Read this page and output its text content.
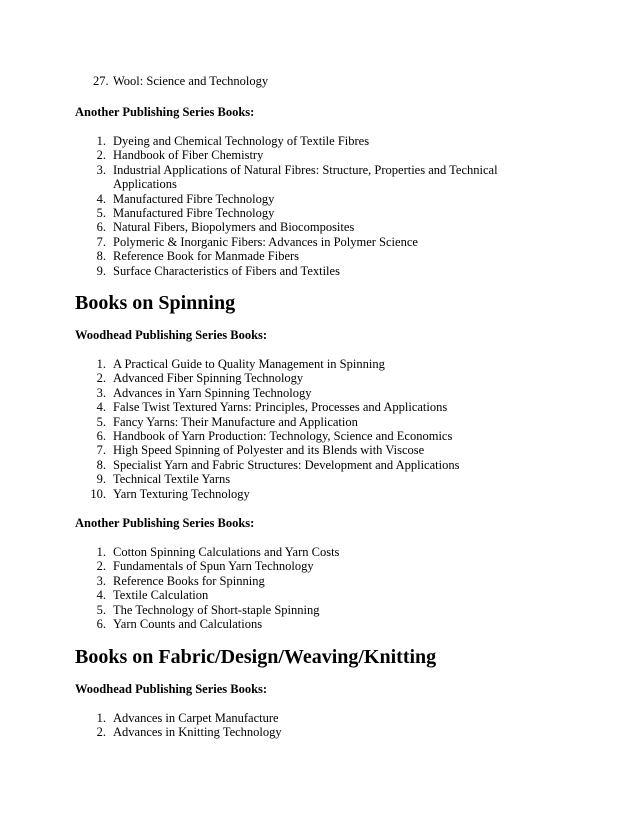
27. Wool: Science and Technology
Another Publishing Series Books:
1. Dyeing and Chemical Technology of Textile Fibres
2. Handbook of Fiber Chemistry
3. Industrial Applications of Natural Fibres: Structure, Properties and Technical Applications
4. Manufactured Fibre Technology
5. Manufactured Fibre Technology
6. Natural Fibers, Biopolymers and Biocomposites
7. Polymeric & Inorganic Fibers: Advances in Polymer Science
8. Reference Book for Manmade Fibers
9. Surface Characteristics of Fibers and Textiles
Books on Spinning
Woodhead Publishing Series Books:
1. A Practical Guide to Quality Management in Spinning
2. Advanced Fiber Spinning Technology
3. Advances in Yarn Spinning Technology
4. False Twist Textured Yarns: Principles, Processes and Applications
5. Fancy Yarns: Their Manufacture and Application
6. Handbook of Yarn Production: Technology, Science and Economics
7. High Speed Spinning of Polyester and its Blends with Viscose
8. Specialist Yarn and Fabric Structures: Development and Applications
9. Technical Textile Yarns
10. Yarn Texturing Technology
Another Publishing Series Books:
1. Cotton Spinning Calculations and Yarn Costs
2. Fundamentals of Spun Yarn Technology
3. Reference Books for Spinning
4. Textile Calculation
5. The Technology of Short-staple Spinning
6. Yarn Counts and Calculations
Books on Fabric/Design/Weaving/Knitting
Woodhead Publishing Series Books:
1. Advances in Carpet Manufacture
2. Advances in Knitting Technology
